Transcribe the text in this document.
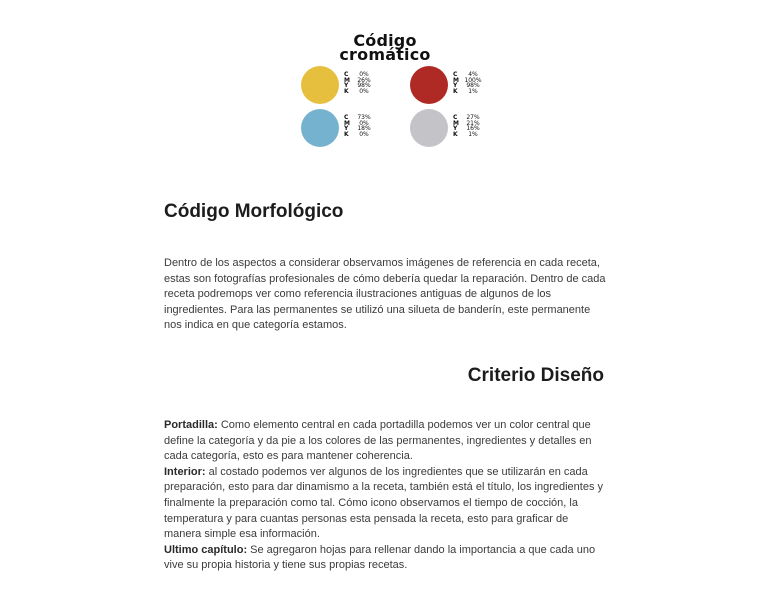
Código
cromático
C	0%
M	26%
Y	98%
K	0%
C	4%
M 100%
Y	98%
K	1%
C	73%
M	0%
Y	18%
K	0%
C	27%
M	21%
Y	16%
K	1%
Código Morfológico

Dentro de los aspectos a considerar observamos imágenes de referencia en cada receta, estas son fotografías profesionales de cómo debería quedar la reparación. Dentro de cada receta podremops ver como referencia ilustraciones antiguas de algunos de los ingredientes. Para las permanentes se utilizó una silueta de banderín, este permanente nos indica en que categoría estamos.

Criterio Diseño

Portadilla: Como elemento central en cada portadilla podemos ver un color central que define la categoría y da pie a los colores de las permanentes, ingredientes y detalles en cada categoría, esto es para mantener coherencia.

Interior: al costado podemos ver algunos de los ingredientes que se utilizarán en cada preparación, esto para dar dinamismo a la receta, también está el título, los ingredientes y finalmente la preparación como tal. Cómo icono observamos el tiempo de cocción, la temperatura y para cuantas personas esta pensada la receta, esto para graficar de manera simple esa información.

Ultimo capítulo: Se agregaron hojas para rellenar dando la importancia a que cada uno vive su propia historia y tiene sus propias recetas.
